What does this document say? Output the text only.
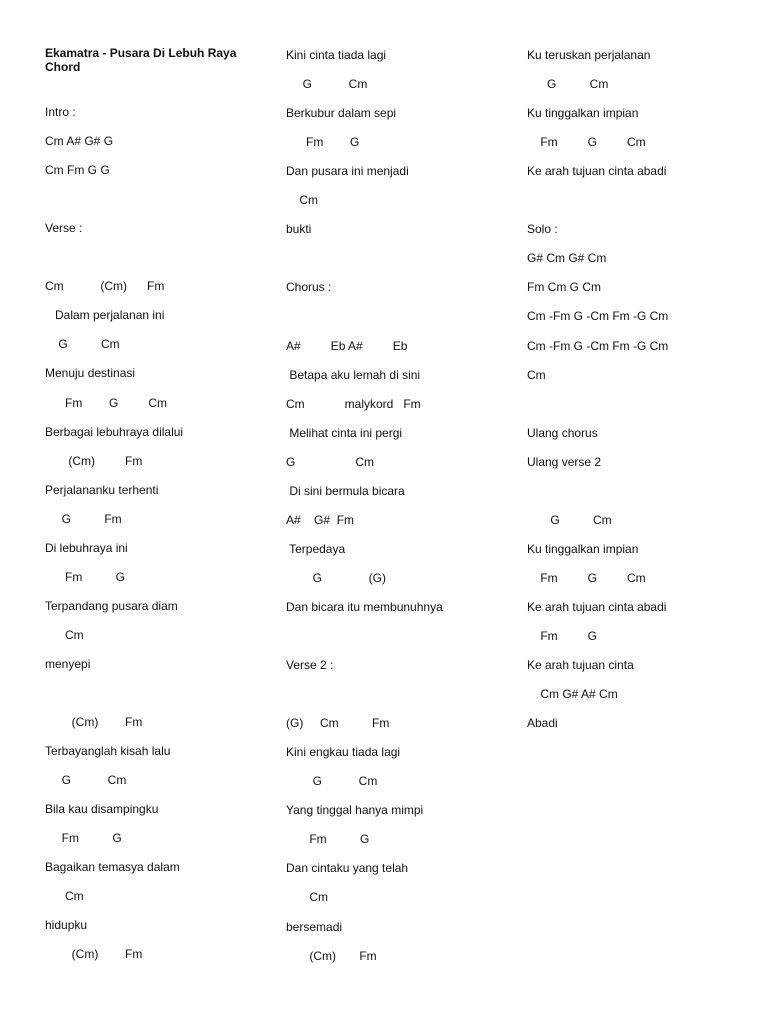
Ekamatra - Pusara Di Lebuh Raya Chord
Intro :
Cm A# G# G
Cm Fm G G
Verse :
Cm           (Cm)      Fm
Dalam perjalanan ini
G          Cm
Menuju destinasi
Fm        G         Cm
Berbagai lebuhraya dilalui
(Cm)         Fm
Perjalananku terhenti
G          Fm
Di lebuhraya ini
Fm          G
Terpandang pusara diam
Cm
menyepi
(Cm)        Fm
Terbayanglah kisah lalu
G           Cm
Bila kau disampingku
Fm          G
Bagaikan temasya dalam
Cm
hidupku
(Cm)        Fm
Kini cinta tiada lagi
G           Cm
Berkubur dalam sepi
Fm        G
Dan pusara ini menjadi
Cm
bukti
Chorus :
A#         Eb A#         Eb
Betapa aku lemah di sini
Cm            malykord   Fm
Melihat cinta ini pergi
G                  Cm
Di sini bermula bicara
A#    G#  Fm
Terpedaya
G              (G)
Dan bicara itu membunuhnya
Verse 2 :
(G)     Cm          Fm
Kini engkau tiada lagi
G           Cm
Yang tinggal hanya mimpi
Fm          G
Dan cintaku yang telah
Cm
bersemadi
(Cm)       Fm
Ku teruskan perjalanan
G          Cm
Ku tinggalkan impian
Fm         G         Cm
Ke arah tujuan cinta abadi
Solo :
G# Cm G# Cm
Fm Cm G Cm
Cm -Fm G -Cm Fm -G Cm
Cm -Fm G -Cm Fm -G Cm
Cm
Ulang chorus
Ulang verse 2
G          Cm
Ku tinggalkan impian
Fm         G         Cm
Ke arah tujuan cinta abadi
Fm         G
Ke arah tujuan cinta
Cm G# A# Cm
Abadi
